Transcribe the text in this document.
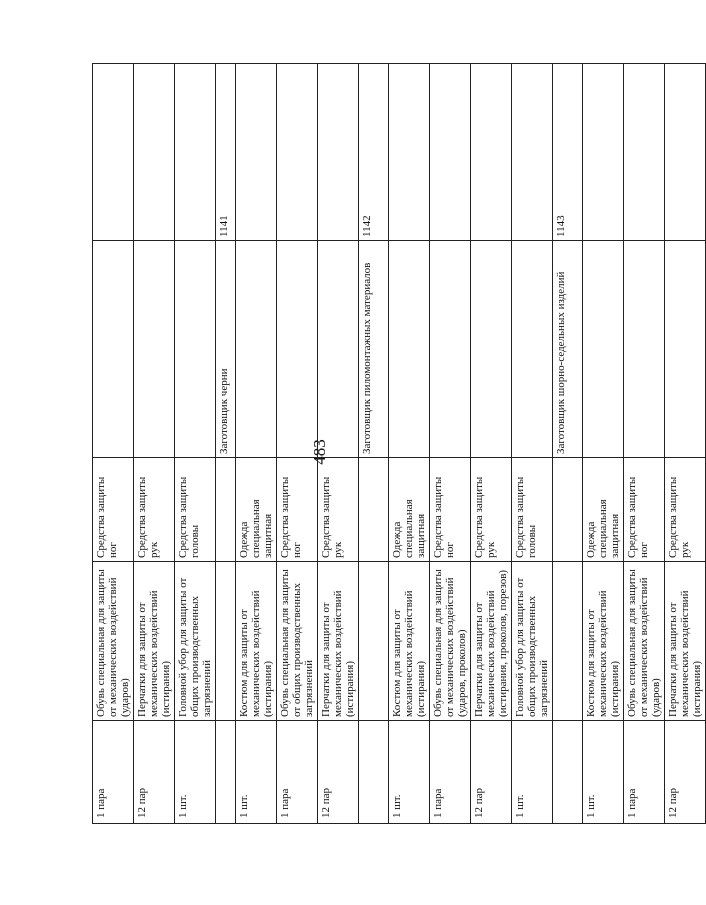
483
1 пара	Обувь специальная для защиты от механических воздействий (ударов)	Средства защиты ног		
12 пар	Перчатки для защиты от механических воздействий (истирания)	Средства защиты рук		
1 шт.	Головной убор для защиты от общих производственных загрязнений	Средства защиты головы		
			Заготовщик черни	1141
1 шт.	Костюм для защиты от механических воздействий (истирания)	Одежда специальная защитная		
1 пара	Обувь специальная для защиты от общих производственных загрязнений	Средства защиты ног		
12 пар	Перчатки для защиты от механических воздействий (истирания)	Средства защиты рук		
			Заготовщик пиломонтажных материалов	1142
1 шт.	Костюм для защиты от механических воздействий (истирания)	Одежда специальная защитная		
1 пара	Обувь специальная для защиты от механических воздействий (ударов, проколов)	Средства защиты ног		
12 пар	Перчатки для защиты от механических воздействий (истирания, проколов, порезов)	Средства защиты рук		
1 шт.	Головной убор для защиты от общих производственных загрязнений	Средства защиты головы		
			Заготовщик шорно-седельных изделий	1143
1 шт.	Костюм для защиты от механических воздействий (истирания)	Одежда специальная защитная		
1 пара	Обувь специальная для защиты от механических воздействий (ударов)	Средства защиты ног		
12 пар	Перчатки для защиты от механических воздействий (истирания)	Средства защиты рук		
